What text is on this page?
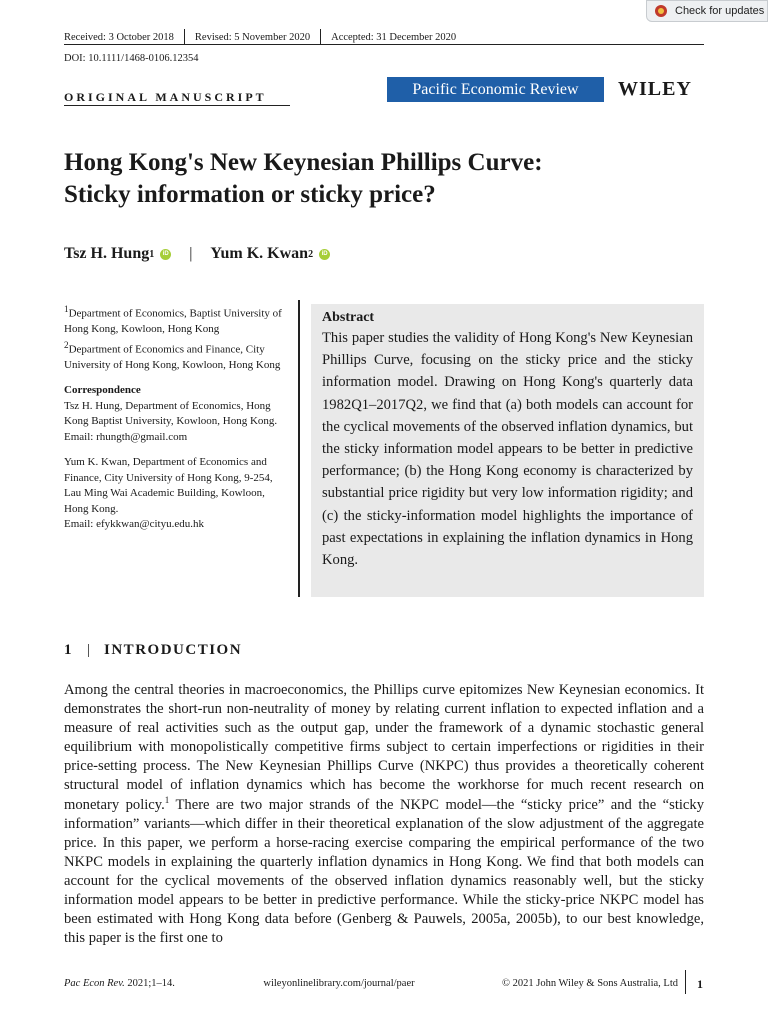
Check for updates
Received: 3 October 2018 Revised: 5 November 2020 Accepted: 31 December 2020
DOI: 10.1111/1468-0106.12354
ORIGINAL MANUSCRIPT	Pacific Economic Review	WILEY
Hong Kong's New Keynesian Phillips Curve:
Sticky information or sticky price?
Tsz H. Hung 1	iD | Yum K. Kwan 2	iD

$^1$Department of Economics, Baptist University of Hong Kong, Kowloon, Hong Kong

$^2$Department of Economics and Finance, City University of Hong Kong, Kowloon, Hong Kong

Correspondence

Tsz H. Hung, Department of Economics, Hong Kong Baptist University, Kowloon, Hong Kong.

Email: rhungth@gmail.com

Yum K. Kwan, Department of Economics and Finance, City University of Hong Kong, 9-254, Lau Ming Wai Academic Building, Kowloon, Hong Kong.

Email: efykkwan@cityu.edu.hk

Abstract
This paper studies the validity of Hong Kong's New Keynesian Phillips Curve, focusing on the sticky price and the sticky information model. Drawing on Hong Kong's quarterly data 1982Q1–2017Q2, we find that (a) both models can account for the cyclical movements of the observed inflation dynamics, but the sticky information model appears to be better in predictive performance; (b) the Hong Kong economy is characterized by substantial price rigidity but very low information rigidity; and (c) the sticky-information model highlights the importance of past expectations in explaining the inflation dynamics in Hong Kong.
1 | INTRODUCTION
Among the central theories in macroeconomics, the Phillips curve epitomizes New Keynesian economics. It demonstrates the short-run non-neutrality of money by relating current inflation to expected inflation and a measure of real activities such as the output gap, under the framework of a dynamic stochastic general equilibrium with monopolistically competitive firms subject to certain imperfections or rigidities in their price-setting process. The New Keynesian Phillips Curve (NKPC) thus provides a theoretically coherent structural model of inflation dynamics which has become the workhorse for much recent research on monetary policy.$^1$ There are two major strands of the NKPC model—the “sticky price” and the “sticky information” variants—which differ in their theoretical explanation of the slow adjustment of the aggregate price. In this paper, we perform a horse-racing exercise comparing the empirical performance of the two NKPC models in explaining the quarterly inflation dynamics in Hong Kong. We find that both models can account for the cyclical movements of the observed inflation dynamics reasonably well, but the sticky information model appears to be better in predictive performance. While the sticky-price NKPC model has been estimated with Hong Kong data before (Genberg & Pauwels, 2005a, 2005b), to our best knowledge, this paper is the first one to
Pac Econ Rev. 2021;1–14.	wileyonlinelibrary.com/journal/paer	© 2021 John Wiley & Sons Australia, Ltd 1
